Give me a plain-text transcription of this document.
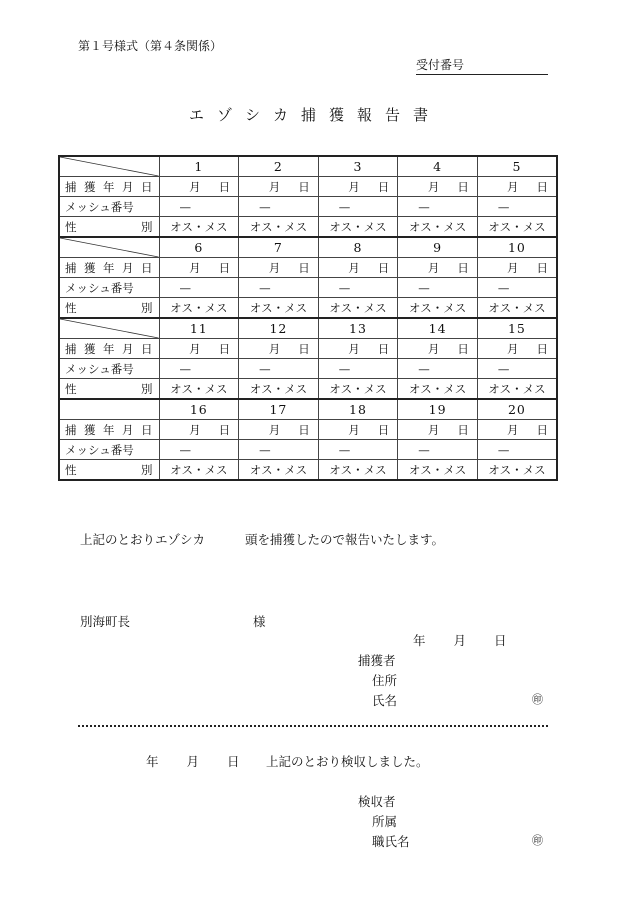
第１号様式（第４条関係）
受付番号
エゾシカ捕獲報告書
	1	2	3	4	5
捕獲年月日	月 日	月 日	月 日	月 日	月 日
メッシュ番号	—	—	—	—	—
性　　別	オス・メス	オス・メス	オス・メス	オス・メス	オス・メス

	6	7	8	9	10
捕獲年月日	月 日	月 日	月 日	月 日	月 日
メッシュ番号	—	—	—	—	—
性　　別	オス・メス	オス・メス	オス・メス	オス・メス	オス・メス

	11	12	13	14	15
捕獲年月日	月 日	月 日	月 日	月 日	月 日
メッシュ番号	—	—	—	—	—
性　　別	オス・メス	オス・メス	オス・メス	オス・メス	オス・メス
	16	17	18	19	20
捕獲年月日	月 日	月 日	月 日	月 日	月 日
メッシュ番号	—	—	—	—	—
性　　別	オス・メス	オス・メス	オス・メス	オス・メス	オス・メス
上記のとおりエゾシカ	頭を捕獲したので報告いたします。
別海町長	様
年 月 日
捕獲者
住所
氏名	㊞
年 月 日 上記のとおり検収しました。
検収者
所属
職氏名	㊞
